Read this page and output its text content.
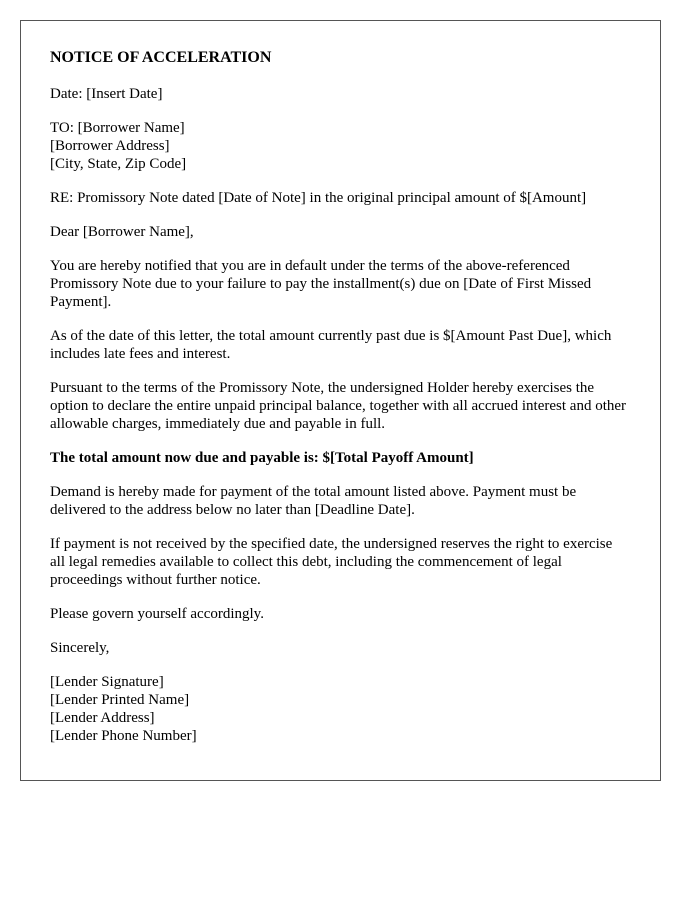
NOTICE OF ACCELERATION

Date: [Insert Date]

TO: [Borrower Name]
[Borrower Address]
[City, State, Zip Code]

RE: Promissory Note dated [Date of Note] in the original principal amount of $[Amount]

Dear [Borrower Name],

You are hereby notified that you are in default under the terms of the above-referenced Promissory Note due to your failure to pay the installment(s) due on [Date of First Missed Payment].

As of the date of this letter, the total amount currently past due is $[Amount Past Due], which includes late fees and interest.

Pursuant to the terms of the Promissory Note, the undersigned Holder hereby exercises the option to declare the entire unpaid principal balance, together with all accrued interest and other allowable charges, immediately due and payable in full.

The total amount now due and payable is: $[Total Payoff Amount]

Demand is hereby made for payment of the total amount listed above. Payment must be delivered to the address below no later than [Deadline Date].

If payment is not received by the specified date, the undersigned reserves the right to exercise all legal remedies available to collect this debt, including the commencement of legal proceedings without further notice.

Please govern yourself accordingly.

Sincerely,

[Lender Signature]
[Lender Printed Name]
[Lender Address]
[Lender Phone Number]
